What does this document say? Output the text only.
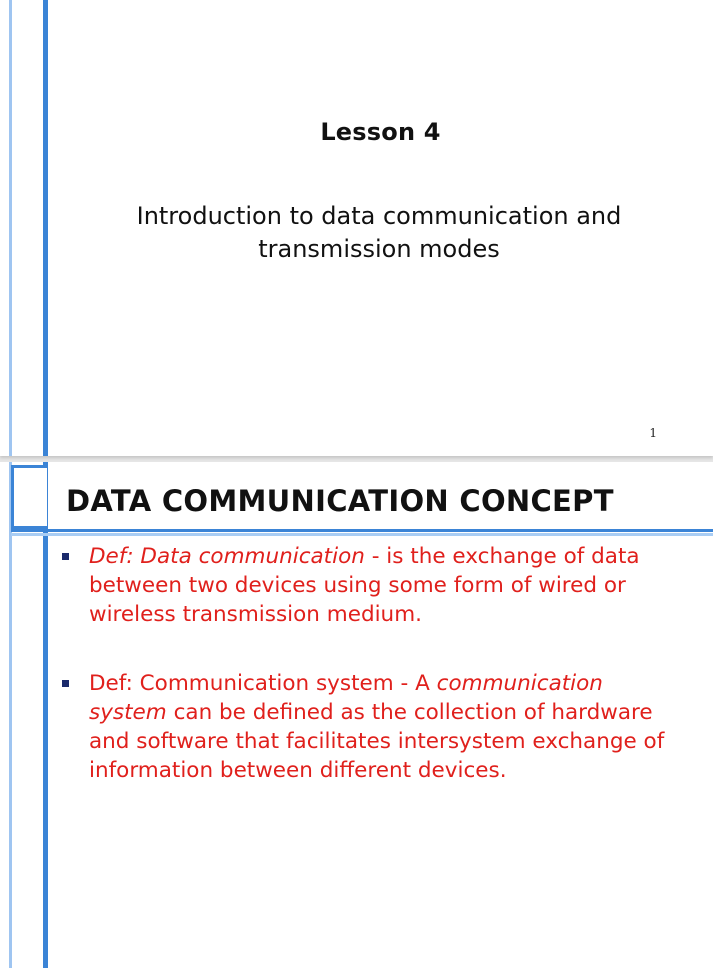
Lesson 4
Introduction to data communication and
transmission modes
1
DATA COMMUNICATION CONCEPT
Def: Data communication - is the exchange of data between two devices using some form of wired or wireless transmission medium.
Def: Communication system - A communication system can be defined as the collection of hardware and software that facilitates intersystem exchange of information between different devices.
